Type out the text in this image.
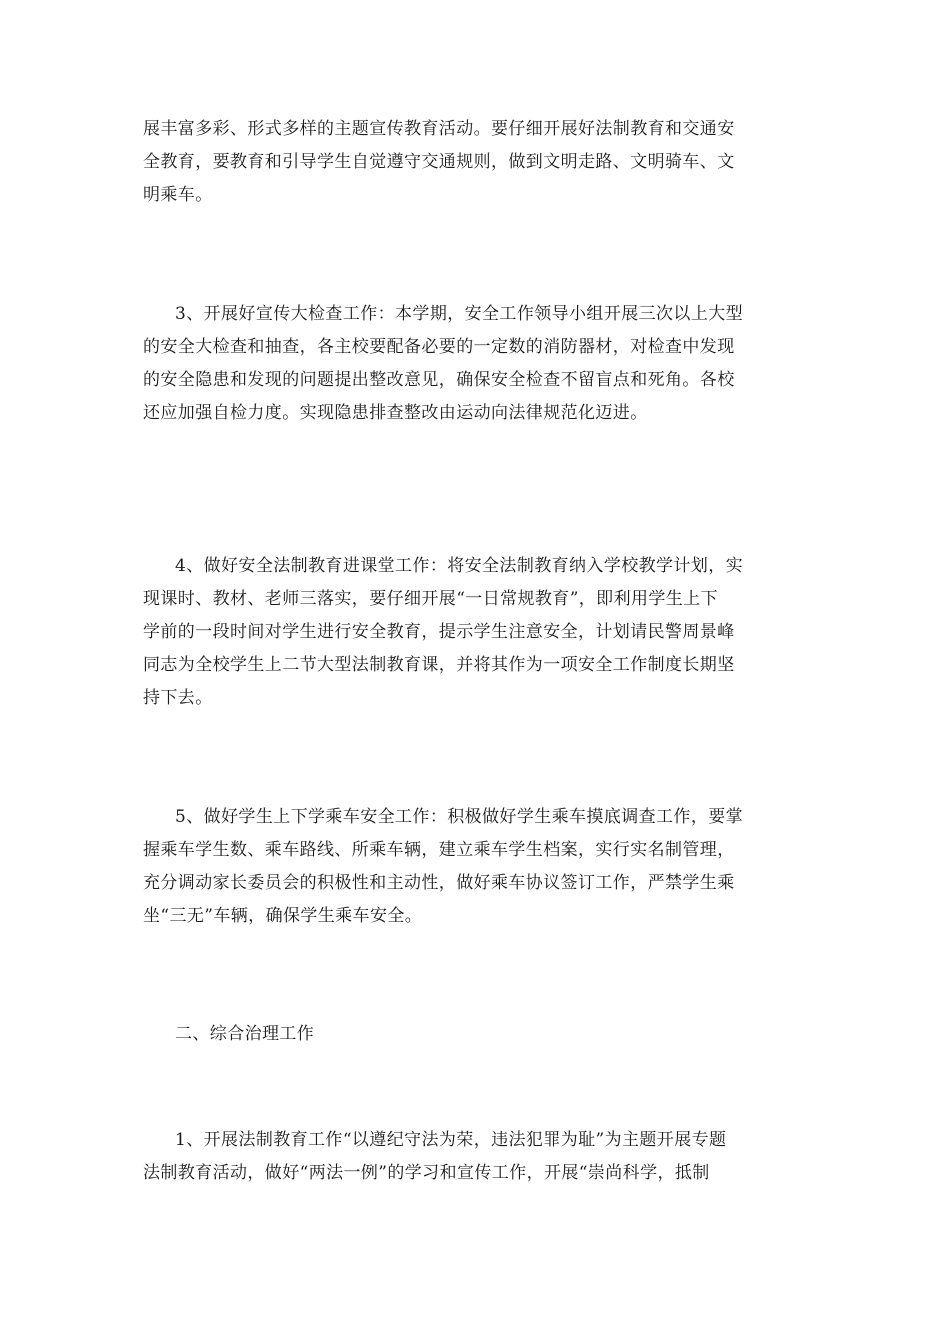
展丰富多彩、形式多样的主题宣传教育活动。要仔细开展好法制教育和交通安
全教育，要教育和引导学生自觉遵守交通规则，做到文明走路、文明骑车、文
明乘车。

3、开展好宣传大检查工作：本学期，安全工作领导小组开展三次以上大型
的安全大检查和抽查，各主校要配备必要的一定数的消防器材，对检查中发现
的安全隐患和发现的问题提出整改意见，确保安全检查不留盲点和死角。各校
还应加强自检力度。实现隐患排查整改由运动向法律规范化迈进。

4、做好安全法制教育进课堂工作：将安全法制教育纳入学校教学计划，实
现课时、教材、老师三落实，要仔细开展“一日常规教育”，即利用学生上下
学前的一段时间对学生进行安全教育，提示学生注意安全，计划请民警周景峰
同志为全校学生上二节大型法制教育课，并将其作为一项安全工作制度长期坚
持下去。

5、做好学生上下学乘车安全工作：积极做好学生乘车摸底调查工作，要掌
握乘车学生数、乘车路线、所乘车辆，建立乘车学生档案，实行实名制管理，
充分调动家长委员会的积极性和主动性，做好乘车协议签订工作，严禁学生乘
坐“三无”车辆，确保学生乘车安全。

二、综合治理工作

1、开展法制教育工作“以遵纪守法为荣，违法犯罪为耻”为主题开展专题
法制教育活动，做好“两法一例”的学习和宣传工作，开展“崇尚科学，抵制
